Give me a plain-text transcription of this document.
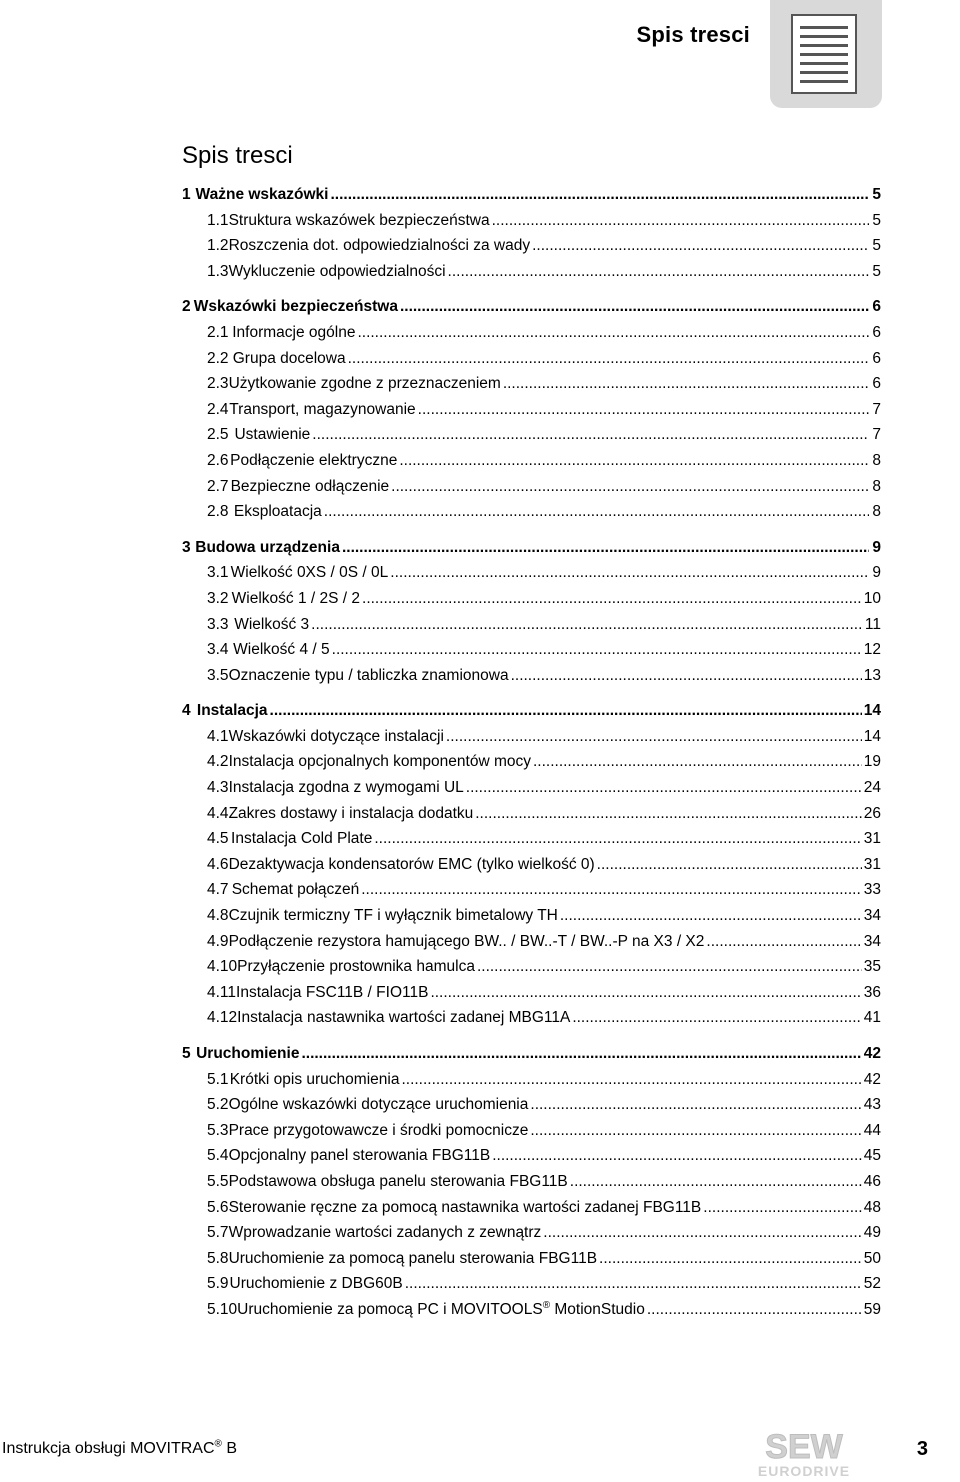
Spis tresci
Spis tresci
1 Ważne wskazówki .....	5
1.1 Struktura wskazówek bezpieczeństwa .....	5
1.2 Roszczenia dot. odpowiedzialności za wady .....	5
1.3 Wykluczenie odpowiedzialności .....	5
2 Wskazówki bezpieczeństwa .....	6
2.1 Informacje ogólne .....	6
2.2 Grupa docelowa .....	6
2.3 Użytkowanie zgodne z przeznaczeniem .....	6
2.4 Transport, magazynowanie .....	7
2.5 Ustawienie .....	7
2.6 Podłączenie elektryczne .....	8
2.7 Bezpieczne odłączenie .....	8
2.8 Eksploatacja .....	8
3 Budowa urządzenia .....	9
3.1 Wielkość 0XS / 0S / 0L .....	9
3.2 Wielkość 1 / 2S / 2 .....	10
3.3 Wielkość 3 .....	11
3.4 Wielkość 4 / 5 .....	12
3.5 Oznaczenie typu / tabliczka znamionowa .....	13
4 Instalacja .....	14
4.1 Wskazówki dotyczące instalacji .....	14
4.2 Instalacja opcjonalnych komponentów mocy .....	19
4.3 Instalacja zgodna z wymogami UL .....	24
4.4 Zakres dostawy i instalacja dodatku .....	26
4.5 Instalacja Cold Plate .....	31
4.6 Dezaktywacja kondensatorów EMC (tylko wielkość 0) .....	31
4.7 Schemat połączeń .....	33
4.8 Czujnik termiczny TF i wyłącznik bimetalowy TH .....	34
4.9 Podłączenie rezystora hamującego BW.. / BW..-T / BW..-P na X3 / X2 .....	34
4.10 Przyłączenie prostownika hamulca .....	35
4.11 Instalacja FSC11B / FIO11B .....	36
4.12 Instalacja nastawnika wartości zadanej MBG11A .....	41
5 Uruchomienie .....	42
5.1 Krótki opis uruchomienia .....	42
5.2 Ogólne wskazówki dotyczące uruchomienia .....	43
5.3 Prace przygotowawcze i środki pomocnicze .....	44
5.4 Opcjonalny panel sterowania FBG11B .....	45
5.5 Podstawowa obsługa panelu sterowania FBG11B .....	46
5.6 Sterowanie ręczne za pomocą nastawnika wartości zadanej FBG11B .....	48
5.7 Wprowadzanie wartości zadanych z zewnątrz .....	49
5.8 Uruchomienie za pomocą panelu sterowania FBG11B .....	50
5.9 Uruchomienie z DBG60B .....	52
5.10 Uruchomienie za pomocą PC i MOVITOOLS® MotionStudio .....	59
Instrukcja obsługi MOVITRAC® B	SEW
EURODRIVE
3
